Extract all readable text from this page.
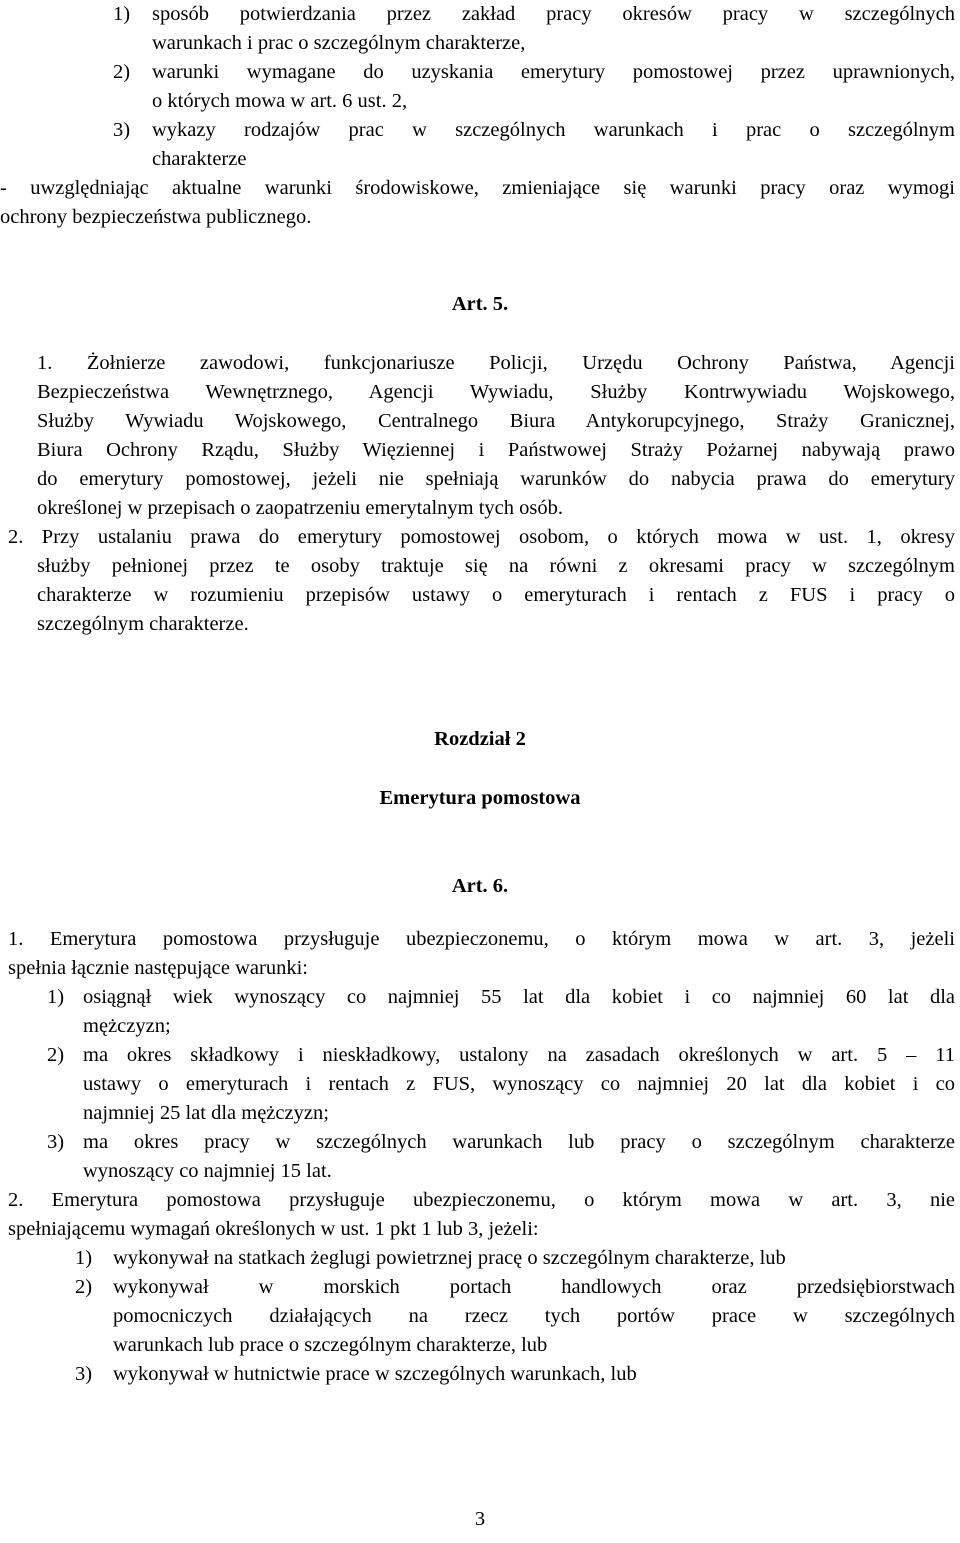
1) sposób potwierdzania przez zakład pracy okresów pracy w szczególnych
warunkach i prac o szczególnym charakterze,
2) warunki wymagane do uzyskania emerytury pomostowej przez uprawnionych,
o których mowa w art. 6 ust. 2,
3) wykazy rodzajów prac w szczególnych warunkach i prac o szczególnym
charakterze
- uwzględniając aktualne warunki środowiskowe, zmieniające się warunki pracy oraz wymogi
ochrony bezpieczeństwa publicznego.
Art. 5.
1. Żołnierze zawodowi, funkcjonariusze Policji, Urzędu Ochrony Państwa, Agencji
Bezpieczeństwa Wewnętrznego, Agencji Wywiadu, Służby Kontrwywiadu Wojskowego,
Służby Wywiadu Wojskowego, Centralnego Biura Antykorupcyjnego, Straży Granicznej,
Biura Ochrony Rządu, Służby Więziennej i Państwowej Straży Pożarnej nabywają prawo
do emerytury pomostowej, jeżeli nie spełniają warunków do nabycia prawa do emerytury
określonej w przepisach o zaopatrzeniu emerytalnym tych osób.
2. Przy ustalaniu prawa do emerytury pomostowej osobom, o których mowa w ust. 1, okresy
służby pełnionej przez te osoby traktuje się na równi z okresami pracy w szczególnym
charakterze w rozumieniu przepisów ustawy o emeryturach i rentach z FUS i pracy o
szczególnym charakterze.
Rozdział 2
Emerytura pomostowa
Art. 6.
1. Emerytura pomostowa przysługuje ubezpieczonemu, o którym mowa w art. 3, jeżeli
spełnia łącznie następujące warunki:
1) osiągnął wiek wynoszący co najmniej 55 lat dla kobiet i co najmniej 60 lat dla
mężczyzn;
2) ma okres składkowy i nieskładkowy, ustalony na zasadach określonych w art. 5 – 11
ustawy o emeryturach i rentach z FUS, wynoszący co najmniej 20 lat dla kobiet i co
najmniej 25 lat dla mężczyzn;
3) ma okres pracy w szczególnych warunkach lub pracy o szczególnym charakterze
wynoszący co najmniej 15 lat.
2. Emerytura pomostowa przysługuje ubezpieczonemu, o którym mowa w art. 3, nie
spełniającemu wymagań określonych w ust. 1 pkt 1 lub 3, jeżeli:
1) wykonywał na statkach żeglugi powietrznej pracę o szczególnym charakterze, lub
2) wykonywał w morskich portach handlowych oraz przedsiębiorstwach
pomocniczych działających na rzecz tych portów prace w szczególnych
warunkach lub prace o szczególnym charakterze, lub
3) wykonywał w hutnictwie prace w szczególnych warunkach, lub
3
